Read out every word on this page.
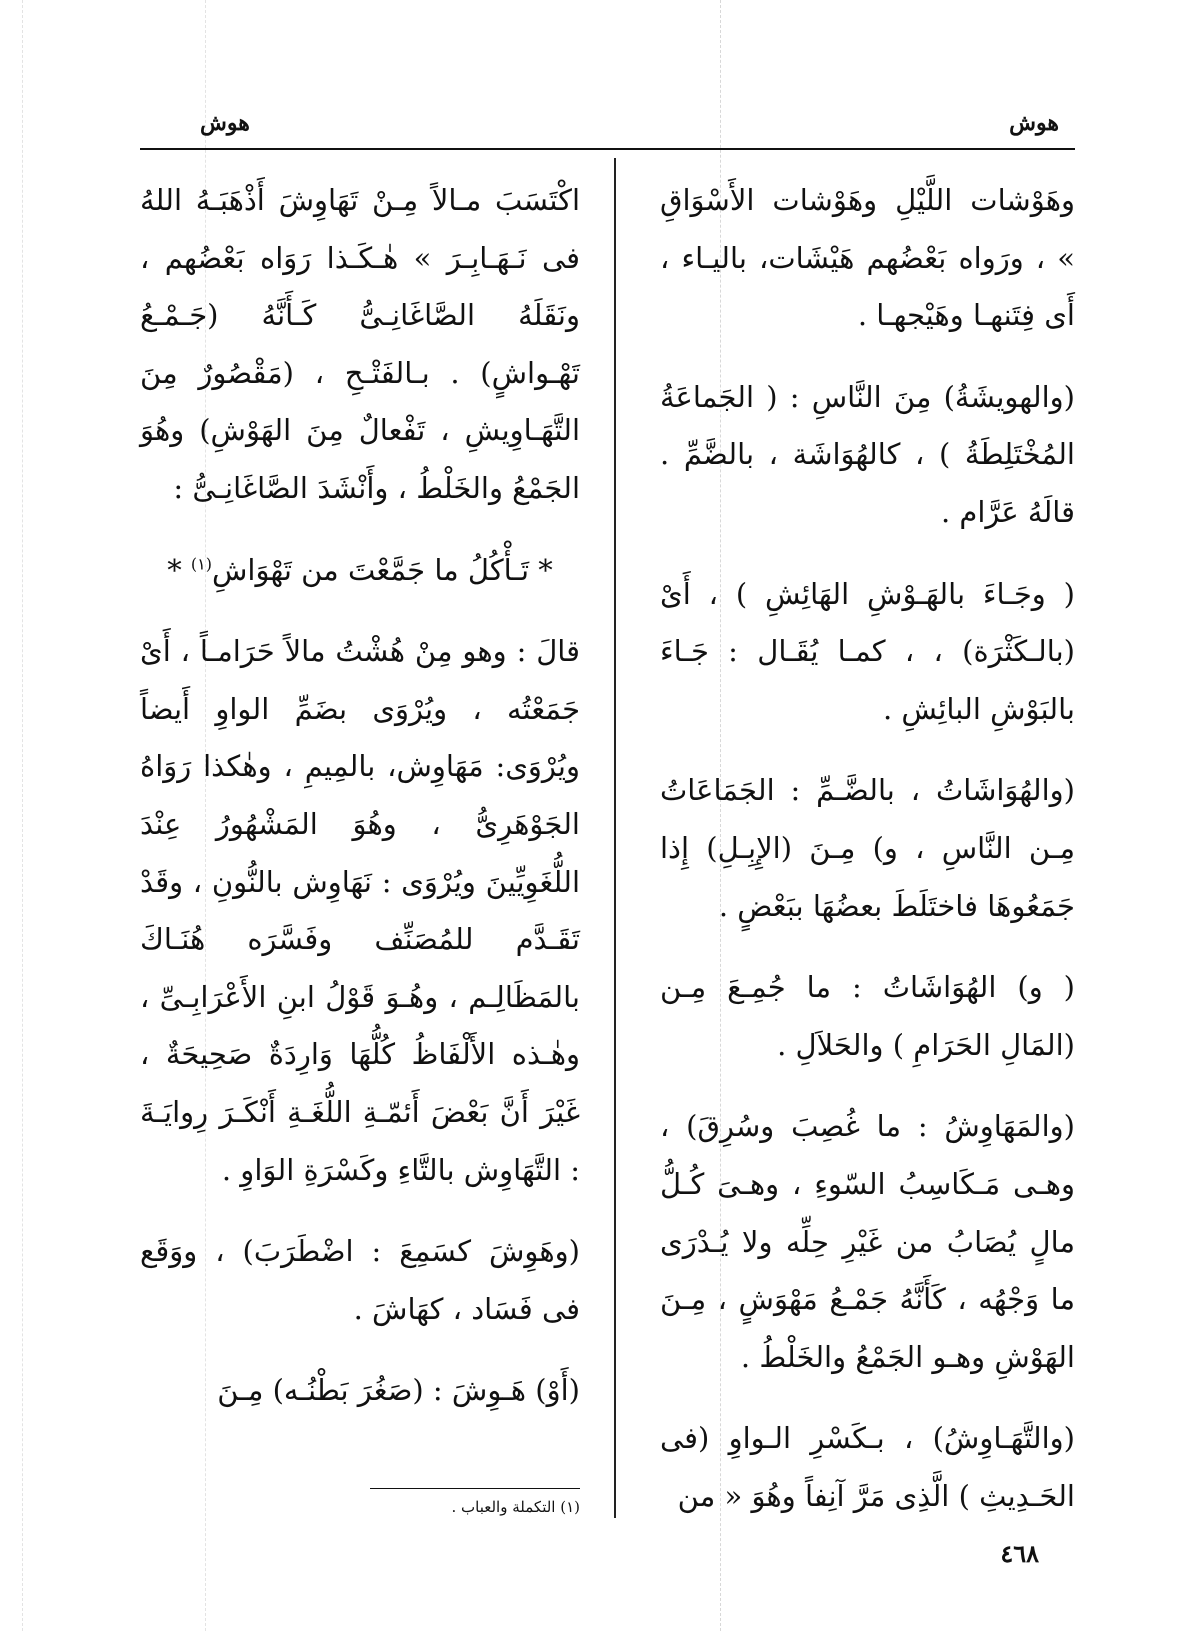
هوش
هوش

وهَوْشات اللَّيْلِ وهَوْشات الأَسْوَاقِ » ، ورَواه بَعْضُهم هَيْشَات، باليـاء ، أَى فِتَنهـا وهَيْجهـا .

(والهويشَةُ) مِنَ النَّاسِ : ( الجَماعَةُ المُخْتَلِطَةُ ) ، كالهُوَاشَة ، بالضَّمِّ . قالَهُ عَرَّام .

( وجَـاءَ بالهَـوْشِ الهَائِشِ ) ، أَىْ (بالـكَثْرَة) ، ، كمـا يُقَـال : جَـاءَ بالبَوْشِ البائِشِ .

(والهُوَاشَاتُ ، بالضَّـمِّ : الجَمَاعَاتُ مِـن النَّاسِ ، و) مِـنَ (الإِبِـلِ) إِذا جَمَعُوهَا فاختَلَطَ بعضُهَا ببَعْضٍ .

( و) الهُوَاشَاتُ : ما جُمِـعَ مِـن (المَالِ الحَرَامِ ) والحَلاَلِ .

(والمَهَاوِشُ : ما غُصِبَ وسُرِقَ) ، وهـى مَـكَاسِبُ السّوءِ ، وهـىَ كُـلُّ مالٍ يُصَابُ من غَيْرِ حِلِّه ولا يُـدْرَى ما وَجْهُه ، كَأَنَّهُ جَمْـعُ مَهْوَشٍ ، مِـنَ الهَوْشِ وهـو الجَمْعُ والخَلْطُ .

(والتَّهَـاوِشُ) ، بـكَسْرِ الـواوِ (فى الحَـدِيثِ ) الَّذِى مَرَّ آنِفاً وهُوَ « من

اكْتَسَبَ مـالاً مِـنْ تَهَاوِشَ أَذْهَبَـهُ اللهُ فى نَـهَـابِـرَ » هٰـكَـذا رَوَاه بَعْضُهم ، ونَقَلَهُ الصَّاغَانِـىُّ كَـأَنَّهُ (جَـمْـعُ تَهْـواشٍ) . بـالفَتْـحِ ، (مَقْصُورٌ مِنَ التَّهَـاوِيشِ ، تَفْعالٌ مِنَ الهَوْشِ) وهُوَ الجَمْعُ والخَلْطُ ، وأَنْشَدَ الصَّاغَانِـىُّ :

* تَـأْكُلُ ما جَمَّعْتَ من تَهْوَاشِ$^{(١)}$ *

قالَ : وهو مِنْ هُشْتُ مالاً حَرَامـاً ، أَىْ جَمَعْتُه ، ويُرْوَى بضَمِّ الواوِ أَيضاً ويُرْوَى: مَهَاوِش، بالمِيمِ ، وهٰكذا رَوَاهُ الجَوْهَرِىُّ ، وهُوَ المَشْهُورُ عِنْدَ اللُّغَوِيِّينَ ويُرْوَى : نَهَاوِش بالنُّونِ ، وقَدْ تَقَـدَّم للمُصَنِّف وفَسَّرَه هُنَـاكَ بالمَظَالِـم ، وهُـوَ قَوْلُ ابنِ الأَعْرَابِـىِّ ، وهٰـذه الأَلْفَاظُ كُلُّهَا وَارِدَةٌ صَحِيحَةٌ ، غَيْرَ أَنَّ بَعْضَ أَئمّـةِ اللُّغَـةِ أَنْكَـرَ رِوايَـةَ : التَّهَاوِش بالتَّاءِ وكَسْرَةِ الوَاوِ .

(وهَوِشَ كسَمِعَ : اضْطَرَبَ) ، ووَقَع فى فَسَاد ، كهَاشَ .

(أَوْ) هَـوِشَ : (صَغُرَ بَطْنُـه) مِـنَ

(١) التكملة والعباب .
٤٦٨
